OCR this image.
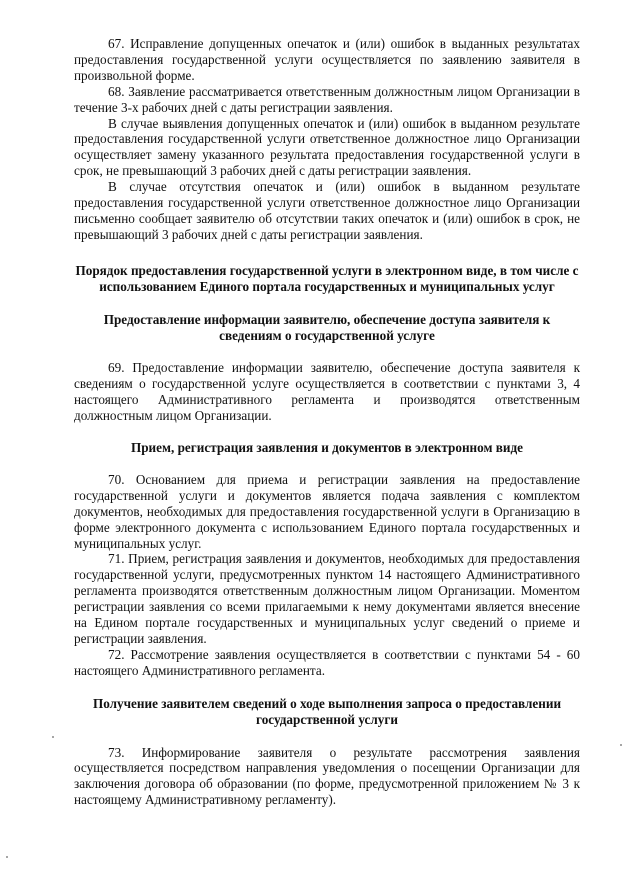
67. Исправление допущенных опечаток и (или) ошибок в выданных результатах предоставления государственной услуги осуществляется по заявлению заявителя в произвольной форме.

68. Заявление рассматривается ответственным должностным лицом Организации в течение 3-х рабочих дней с даты регистрации заявления.

В случае выявления допущенных опечаток и (или) ошибок в выданном результате предоставления государственной услуги ответственное должностное лицо Организации осуществляет замену указанного результата предоставления государственной услуги в срок, не превышающий 3 рабочих дней с даты регистрации заявления.

В случае отсутствия опечаток и (или) ошибок в выданном результате предоставления государственной услуги ответственное должностное лицо Организации письменно сообщает заявителю об отсутствии таких опечаток и (или) ошибок в срок, не превышающий 3 рабочих дней с даты регистрации заявления.

Порядок предоставления государственной услуги в электронном виде, в том числе с использованием Единого портала государственных и муниципальных услуг
Предоставление информации заявителю, обеспечение доступа заявителя к сведениям о государственной услуге

69. Предоставление информации заявителю, обеспечение доступа заявителя к сведениям о государственной услуге осуществляется в соответствии с пунктами 3, 4 настоящего Административного регламента и производятся ответственным должностным лицом Организации.

Прием, регистрация заявления и документов в электронном виде

70. Основанием для приема и регистрации заявления на предоставление государственной услуги и документов является подача заявления с комплектом документов, необходимых для предоставления государственной услуги в Организацию в форме электронного документа с использованием Единого портала государственных и муниципальных услуг.

71. Прием, регистрация заявления и документов, необходимых для предоставления государственной услуги, предусмотренных пунктом 14 настоящего Административного регламента производятся ответственным должностным лицом Организации. Моментом регистрации заявления со всеми прилагаемыми к нему документами является внесение на Едином портале государственных и муниципальных услуг сведений о приеме и регистрации заявления.

72. Рассмотрение заявления осуществляется в соответствии с пунктами 54 - 60 настоящего Административного регламента.

Получение заявителем сведений о ходе выполнения запроса о предоставлении государственной услуги

73. Информирование заявителя о результате рассмотрения заявления осуществляется посредством направления уведомления о посещении Организации для заключения договора об образовании (по форме, предусмотренной приложением № 3 к настоящему Административному регламенту).
